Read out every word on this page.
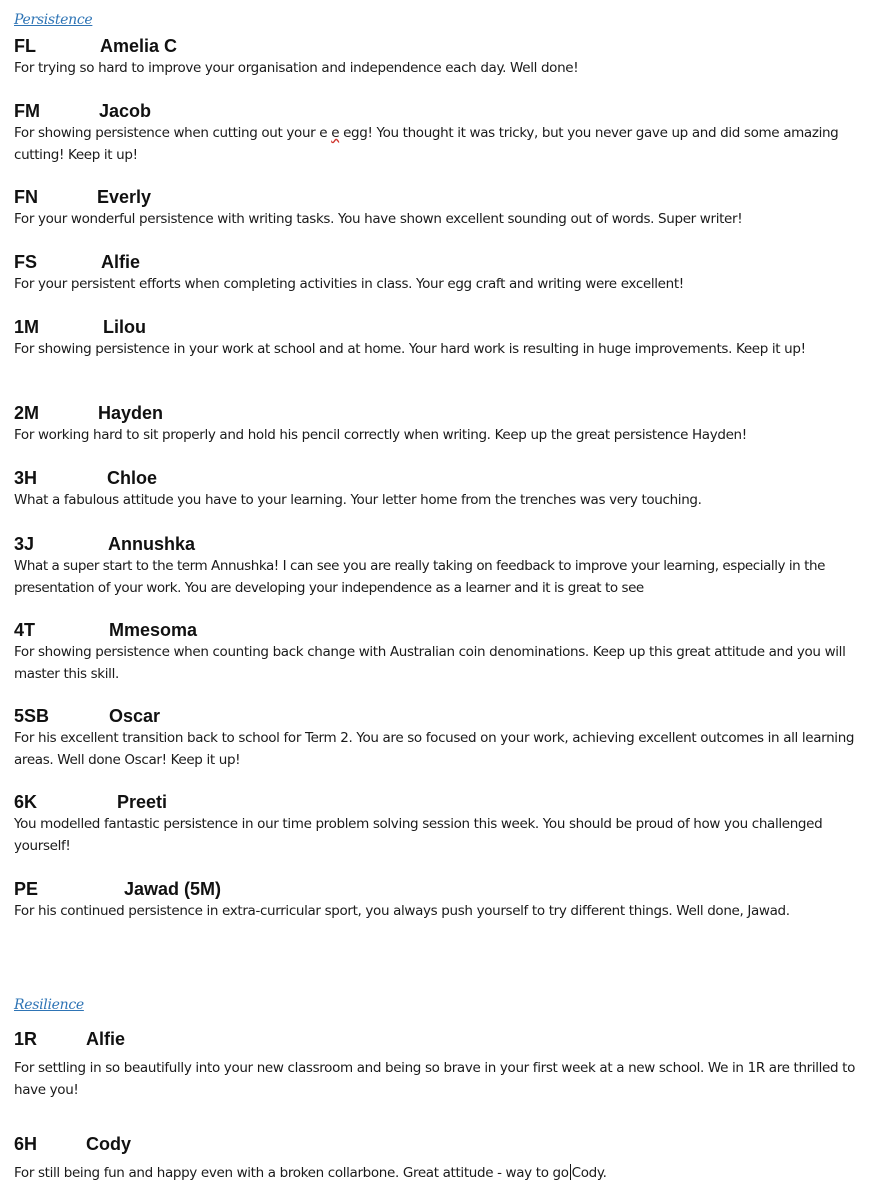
Persistence
FL	Amelia C
For trying so hard to improve your organisation and independence each day. Well done!
FM	Jacob
For showing persistence when cutting out your e e egg! You thought it was tricky, but you never gave up and did some amazing cutting! Keep it up!
FN	Everly
For your wonderful persistence with writing tasks. You have shown excellent sounding out of words. Super writer!
FS	Alfie
For your persistent efforts when completing activities in class. Your egg craft and writing were excellent!
1M	Lilou
For showing persistence in your work at school and at home. Your hard work is resulting in huge improvements. Keep it up!
2M	Hayden
For working hard to sit properly and hold his pencil correctly when writing. Keep up the great persistence Hayden!
3H	Chloe
What a fabulous attitude you have to your learning. Your letter home from the trenches was very touching.
3J	Annushka
What a super start to the term Annushka! I can see you are really taking on feedback to improve your learning, especially in the presentation of your work. You are developing your independence as a learner and it is great to see
4T	Mmesoma
For showing persistence when counting back change with Australian coin denominations. Keep up this great attitude and you will master this skill.
5SB	Oscar
For his excellent transition back to school for Term 2. You are so focused on your work, achieving excellent outcomes in all learning areas. Well done Oscar! Keep it up!
6K	Preeti
You modelled fantastic persistence in our time problem solving session this week. You should be proud of how you challenged yourself!
PE	Jawad (5M)
For his continued persistence in extra-curricular sport, you always push yourself to try different things. Well done, Jawad.
Resilience
1R	Alfie
For settling in so beautifully into your new classroom and being so brave in your first week at a new school. We in 1R are thrilled to have you!
6H	Cody
For still being fun and happy even with a broken collarbone. Great attitude - way to go Cody.
